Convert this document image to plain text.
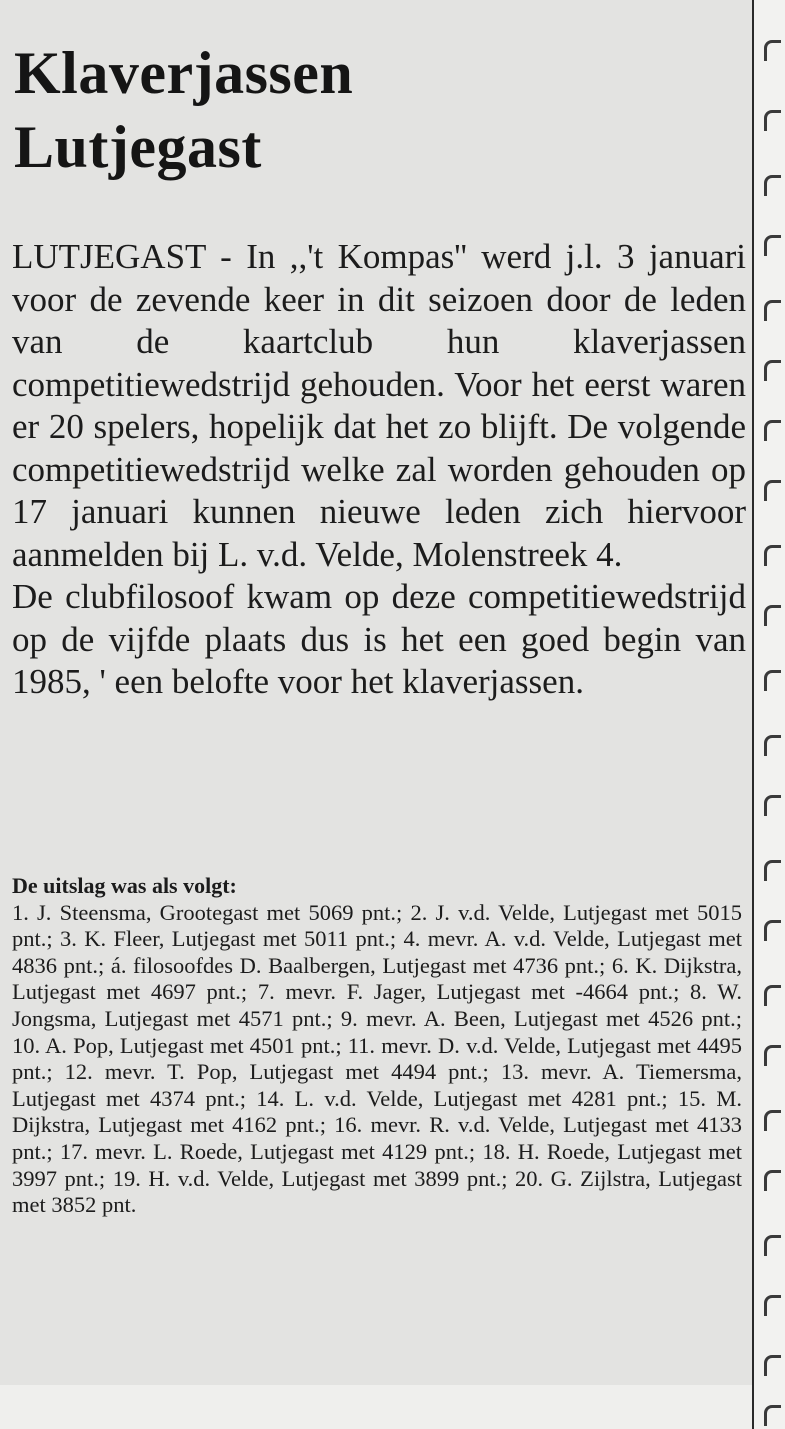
Klaverjassen
Lutjegast

LUTJEGAST - In ,,'t Kompas'' werd j.l. 3 januari voor de zevende keer in dit seizoen door de leden van de kaartclub hun klaverjassen competitiewedstrijd gehouden. Voor het eerst waren er 20 spelers, hopelijk dat het zo blijft. De volgende competitiewedstrijd welke zal worden gehouden op 17 januari kunnen nieuwe leden zich hiervoor aanmelden bij L. v.d. Velde, Molenstreek 4.

De clubfilosoof kwam op deze competitiewedstrijd op de vijfde plaats dus is het een goed begin van 1985, ' een belofte voor het klaverjassen.

De uitslag was als volgt:

1. J. Steensma, Grootegast met 5069 pnt.; 2. J. v.d. Velde, Lutjegast met 5015 pnt.; 3. K. Fleer, Lutjegast met 5011 pnt.; 4. mevr. A. v.d. Velde, Lutjegast met 4836 pnt.; á. filosoofdes D. Baalbergen, Lutjegast met 4736 pnt.; 6. K. Dijkstra, Lutjegast met 4697 pnt.; 7. mevr. F. Jager, Lutjegast met -4664 pnt.; 8. W. Jongsma, Lutjegast met 4571 pnt.; 9. mevr. A. Been, Lutjegast met 4526 pnt.; 10. A. Pop, Lutjegast met 4501 pnt.; 11. mevr. D. v.d. Velde, Lutjegast met 4495 pnt.; 12. mevr. T. Pop, Lutjegast met 4494 pnt.; 13. mevr. A. Tiemersma, Lutjegast met 4374 pnt.; 14. L. v.d. Velde, Lutjegast met 4281 pnt.; 15. M. Dijkstra, Lutjegast met 4162 pnt.; 16. mevr. R. v.d. Velde, Lutjegast met 4133 pnt.; 17. mevr. L. Roede, Lutjegast met 4129 pnt.; 18. H. Roede, Lutjegast met 3997 pnt.; 19. H. v.d. Velde, Lutjegast met 3899 pnt.; 20. G. Zijlstra, Lutjegast met 3852 pnt.
